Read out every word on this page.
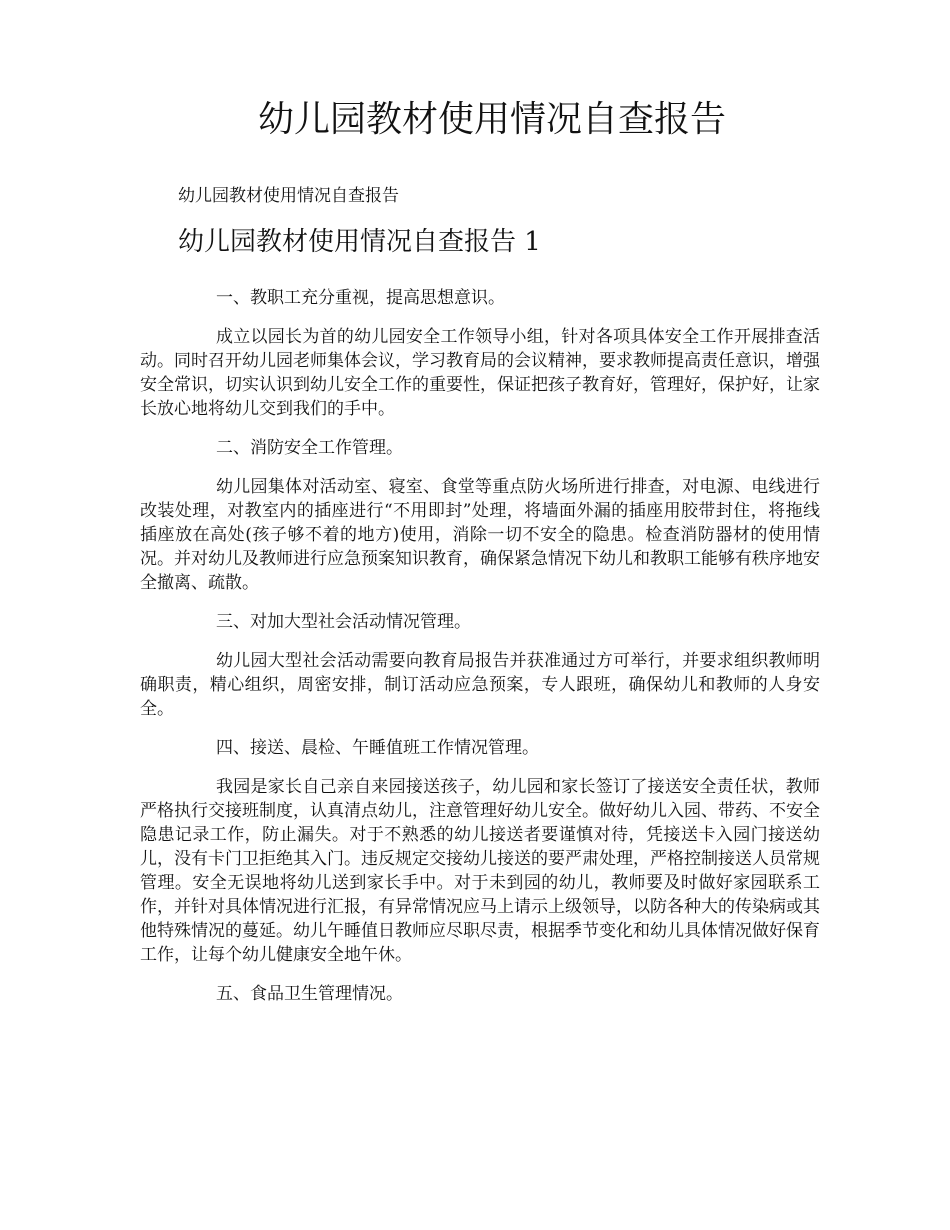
幼儿园教材使用情况自查报告
幼儿园教材使用情况自查报告
幼儿园教材使用情况自查报告 1

一、教职工充分重视，提高思想意识。

成立以园长为首的幼儿园安全工作领导小组，针对各项具体安全工作开展排查活动。同时召开幼儿园老师集体会议，学习教育局的会议精神，要求教师提高责任意识，增强安全常识，切实认识到幼儿安全工作的重要性，保证把孩子教育好，管理好，保护好，让家长放心地将幼儿交到我们的手中。

二、消防安全工作管理。

幼儿园集体对活动室、寝室、食堂等重点防火场所进行排查，对电源、电线进行改装处理，对教室内的插座进行“不用即封”处理，将墙面外漏的插座用胶带封住，将拖线插座放在高处(孩子够不着的地方)使用，消除一切不安全的隐患。检查消防器材的使用情况。并对幼儿及教师进行应急预案知识教育，确保紧急情况下幼儿和教职工能够有秩序地安全撤离、疏散。

三、对加大型社会活动情况管理。

幼儿园大型社会活动需要向教育局报告并获准通过方可举行，并要求组织教师明确职责，精心组织，周密安排，制订活动应急预案，专人跟班，确保幼儿和教师的人身安全。

四、接送、晨检、午睡值班工作情况管理。

我园是家长自己亲自来园接送孩子，幼儿园和家长签订了接送安全责任状，教师严格执行交接班制度，认真清点幼儿，注意管理好幼儿安全。做好幼儿入园、带药、不安全隐患记录工作，防止漏失。对于不熟悉的幼儿接送者要谨慎对待，凭接送卡入园门接送幼儿，没有卡门卫拒绝其入门。违反规定交接幼儿接送的要严肃处理，严格控制接送人员常规管理。安全无误地将幼儿送到家长手中。对于未到园的幼儿，教师要及时做好家园联系工作，并针对具体情况进行汇报，有异常情况应马上请示上级领导，以防各种大的传染病或其他特殊情况的蔓延。幼儿午睡值日教师应尽职尽责，根据季节变化和幼儿具体情况做好保育工作，让每个幼儿健康安全地午休。

五、食品卫生管理情况。
